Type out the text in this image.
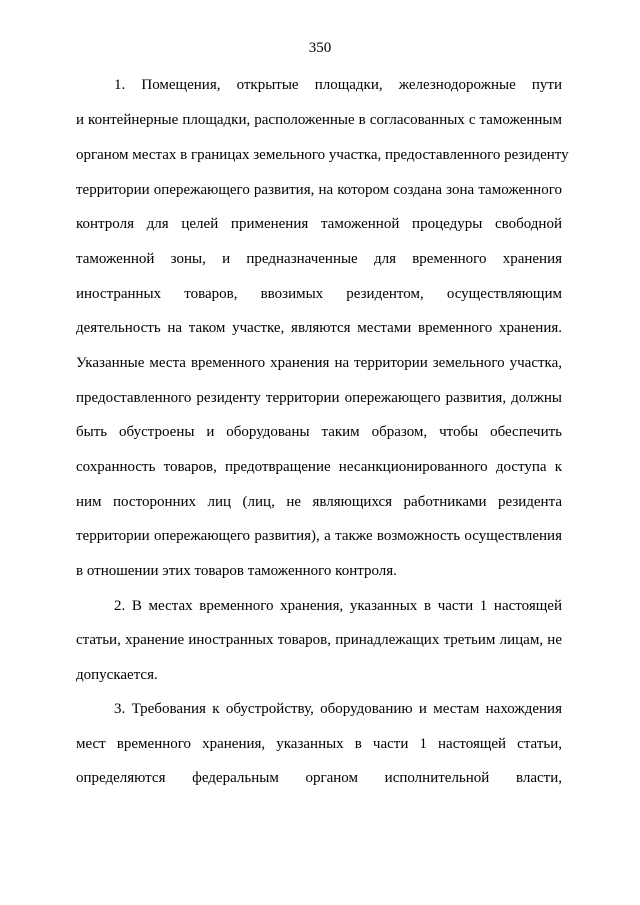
350
1. Помещения, открытые площадки, железнодорожные пути
и контейнерные площадки, расположенные в согласованных с таможенным
органом местах в границах земельного участка, предоставленного резиденту
территории опережающего развития, на котором создана зона таможенного
контроля для целей применения таможенной процедуры свободной
таможенной зоны, и предназначенные для временного хранения
иностранных товаров, ввозимых резидентом, осуществляющим
деятельность на таком участке, являются местами временного хранения.
Указанные места временного хранения на территории земельного участка,
предоставленного резиденту территории опережающего развития, должны
быть обустроены и оборудованы таким образом, чтобы обеспечить
сохранность товаров, предотвращение несанкционированного доступа к
ним посторонних лиц (лиц, не являющихся работниками резидента
территории опережающего развития), а также возможность осуществления
в отношении этих товаров таможенного контроля.
2. В местах временного хранения, указанных в части 1 настоящей
статьи, хранение иностранных товаров, принадлежащих третьим лицам, не
допускается.
3. Требования к обустройству, оборудованию и местам нахождения
мест временного хранения, указанных в части 1 настоящей статьи,
определяются федеральным органом исполнительной власти,
